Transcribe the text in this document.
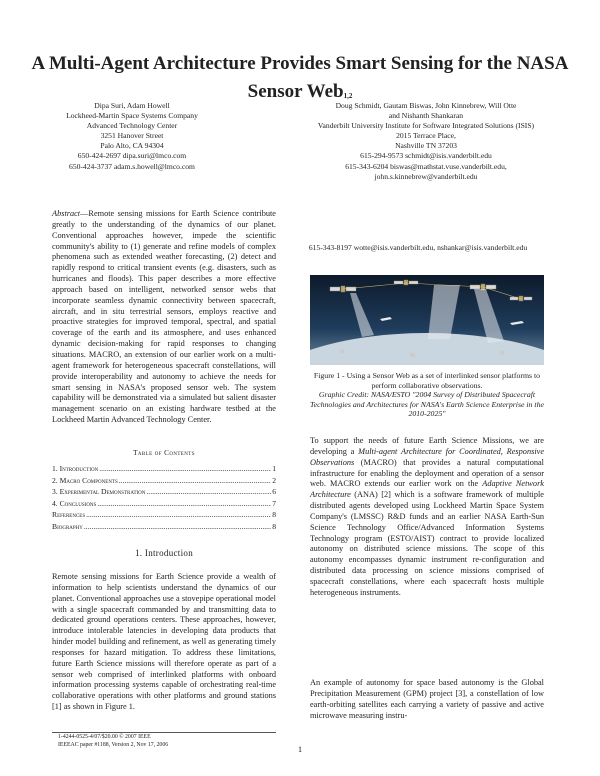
A Multi-Agent Architecture Provides Smart Sensing for the NASA Sensor Web$^{1,2}$
Dipa Suri, Adam Howell
Lockheed-Martin Space Systems Company
Advanced Technology Center
3251 Hanover Street
Palo Alto, CA 94304
650-424-2697 dipa.suri@lmco.com
650-424-3737 adam.s.howell@lmco.com
Doug Schmidt, Gautam Biswas, John Kinnebrew, Will Otte
and Nishanth Shankaran
Vanderbilt University Institute for Software Integrated Solutions (ISIS)
2015 Terrace Place,
Nashville TN 37203
615-294-9573 schmidt@isis.vanderbilt.edu
615-343-6204 biswas@mathstat.vuse.vanderbilt.edu,
john.s.kinnebrew@vanderbilt.edu
615-343-8197 wotte@isis.vanderbilt.edu, nshankar@isis.vanderbilt.edu

Abstract—Remote sensing missions for Earth Science contribute greatly to the understanding of the dynamics of our planet. Conventional approaches however, impede the scientific community's ability to (1) generate and refine models of complex phenomena such as extended weather forecasting, (2) detect and rapidly respond to critical transient events (e.g. disasters, such as hurricanes and floods). This paper describes a more effective approach based on intelligent, networked sensor webs that incorporate seamless dynamic connectivity between spacecraft, aircraft, and in situ terrestrial sensors, employs reactive and proactive strategies for improved temporal, spectral, and spatial coverage of the earth and its atmosphere, and uses enhanced dynamic decision-making for rapid responses to changing situations. MACRO, an extension of our earlier work on a multi-agent framework for heterogeneous spacecraft constellations, will provide interoperability and autonomy to achieve the needs for smart sensing in NASA's proposed sensor web. The system capability will be demonstrated via a simulated but salient disaster management scenario on an existing hardware testbed at the Lockheed Martin Advanced Technology Center.

Table of Contents
1. Introduction .....	1
2. Macro Components .....	2
3. Experimental Demonstration .....	6
4. Conclusions .....	7
References .....	8
Biography .....	8
1. Introduction

Remote sensing missions for Earth Science provide a wealth of information to help scientists understand the dynamics of our planet. Conventional approaches use a stovepipe operational model with a single spacecraft commanded by and transmitting data to dedicated ground operations centers. These approaches, however, introduce intolerable latencies in developing data products that hinder model building and refinement, as well as generating timely responses for hazard mitigation. To address these limitations, future Earth Science missions will therefore operate as part of a sensor web comprised of interlinked platforms with onboard information processing systems capable of orchestrating real-time collaborative operations with other platforms and ground stations [1] as shown in Figure 1.

1-4244-0525-4/07/$20.00 © 2007 IEEE
IEEEAC paper #1188, Version 2, Nov 17, 2006

Figure 1 - Using a Sensor Web as a set of interlinked sensor platforms to perform collaborative observations.
Graphic Credit: NASA/ESTO "2004 Survey of Distributed Spacecraft Technologies and Architectures for NASA's Earth Science Enterprise in the 2010-2025"

To support the needs of future Earth Science Missions, we are developing a Multi-agent Architecture for Coordinated, Responsive Observations (MACRO) that provides a natural computational infrastructure for enabling the deployment and operation of a sensor web. MACRO extends our earlier work on the Adaptive Network Architecture (ANA) [2] which is a software framework of multiple distributed agents developed using Lockheed Martin Space System Company's (LMSSC) R&D funds and an earlier NASA Earth-Sun Science Technology Office/Advanced Information Systems Technology program (ESTO/AIST) contract to provide localized autonomy on distributed science missions. The scope of this autonomy encompasses dynamic instrument re-configuration and distributed data processing on science missions comprised of spacecraft constellations, where each spacecraft hosts multiple heterogeneous instruments.

An example of autonomy for space based autonomy is the Global Precipitation Measurement (GPM) project [3], a constellation of low earth-orbiting satellites each carrying a variety of passive and active microwave measuring instru-

1
